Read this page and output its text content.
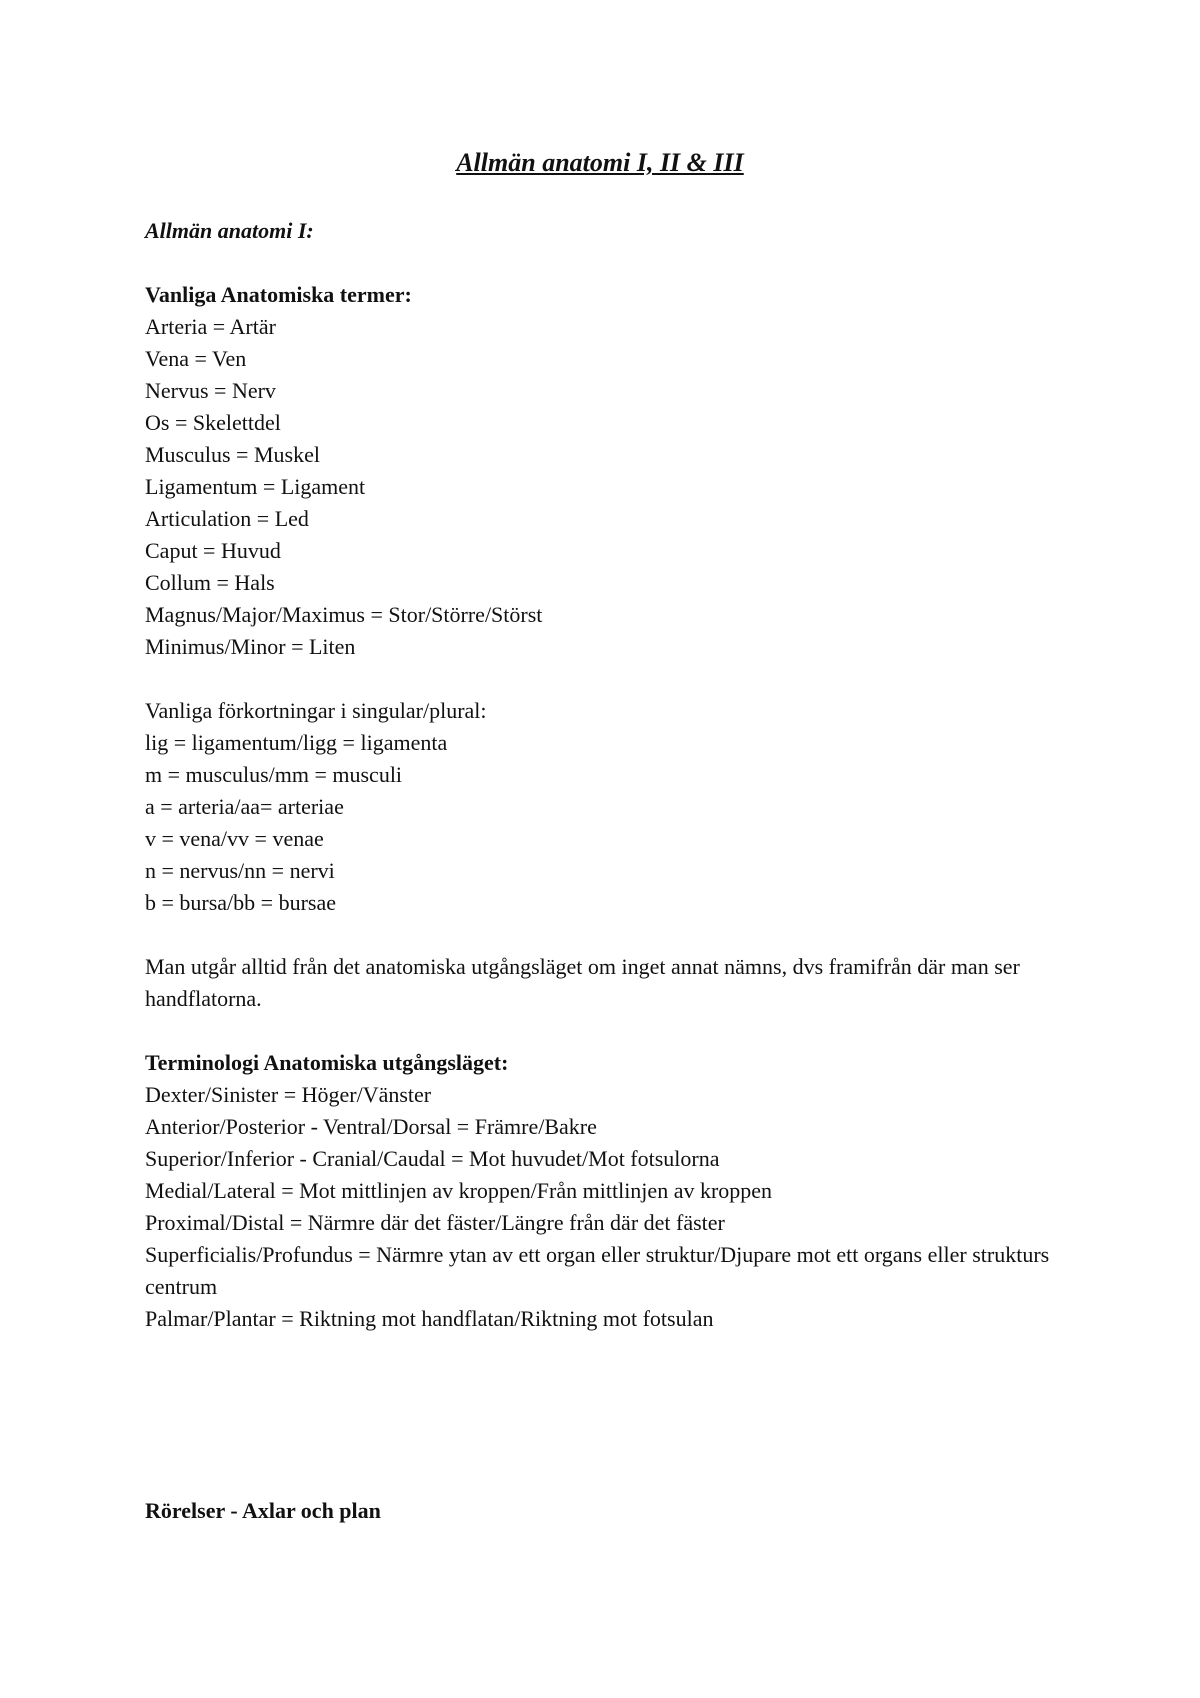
Allmän anatomi I, II & III
Allmän anatomi I:
Vanliga Anatomiska termer:
Arteria = Artär
Vena = Ven
Nervus = Nerv
Os = Skelettdel
Musculus = Muskel
Ligamentum = Ligament
Articulation = Led
Caput = Huvud
Collum = Hals
Magnus/Major/Maximus = Stor/Större/Störst
Minimus/Minor = Liten
Vanliga förkortningar i singular/plural:
lig = ligamentum/ligg = ligamenta
m = musculus/mm = musculi
a = arteria/aa= arteriae
v = vena/vv = venae
n = nervus/nn = nervi
b = bursa/bb = bursae
Man utgår alltid från det anatomiska utgångsläget om inget annat nämns, dvs framifrån där man ser handflatorna.
Terminologi Anatomiska utgångsläget:
Dexter/Sinister = Höger/Vänster
Anterior/Posterior - Ventral/Dorsal = Främre/Bakre
Superior/Inferior - Cranial/Caudal = Mot huvudet/Mot fotsulorna
Medial/Lateral = Mot mittlinjen av kroppen/Från mittlinjen av kroppen
Proximal/Distal = Närmre där det fäster/Längre från där det fäster
Superficialis/Profundus = Närmre ytan av ett organ eller struktur/Djupare mot ett organs eller strukturs centrum
Palmar/Plantar = Riktning mot handflatan/Riktning mot fotsulan
Rörelser - Axlar och plan
